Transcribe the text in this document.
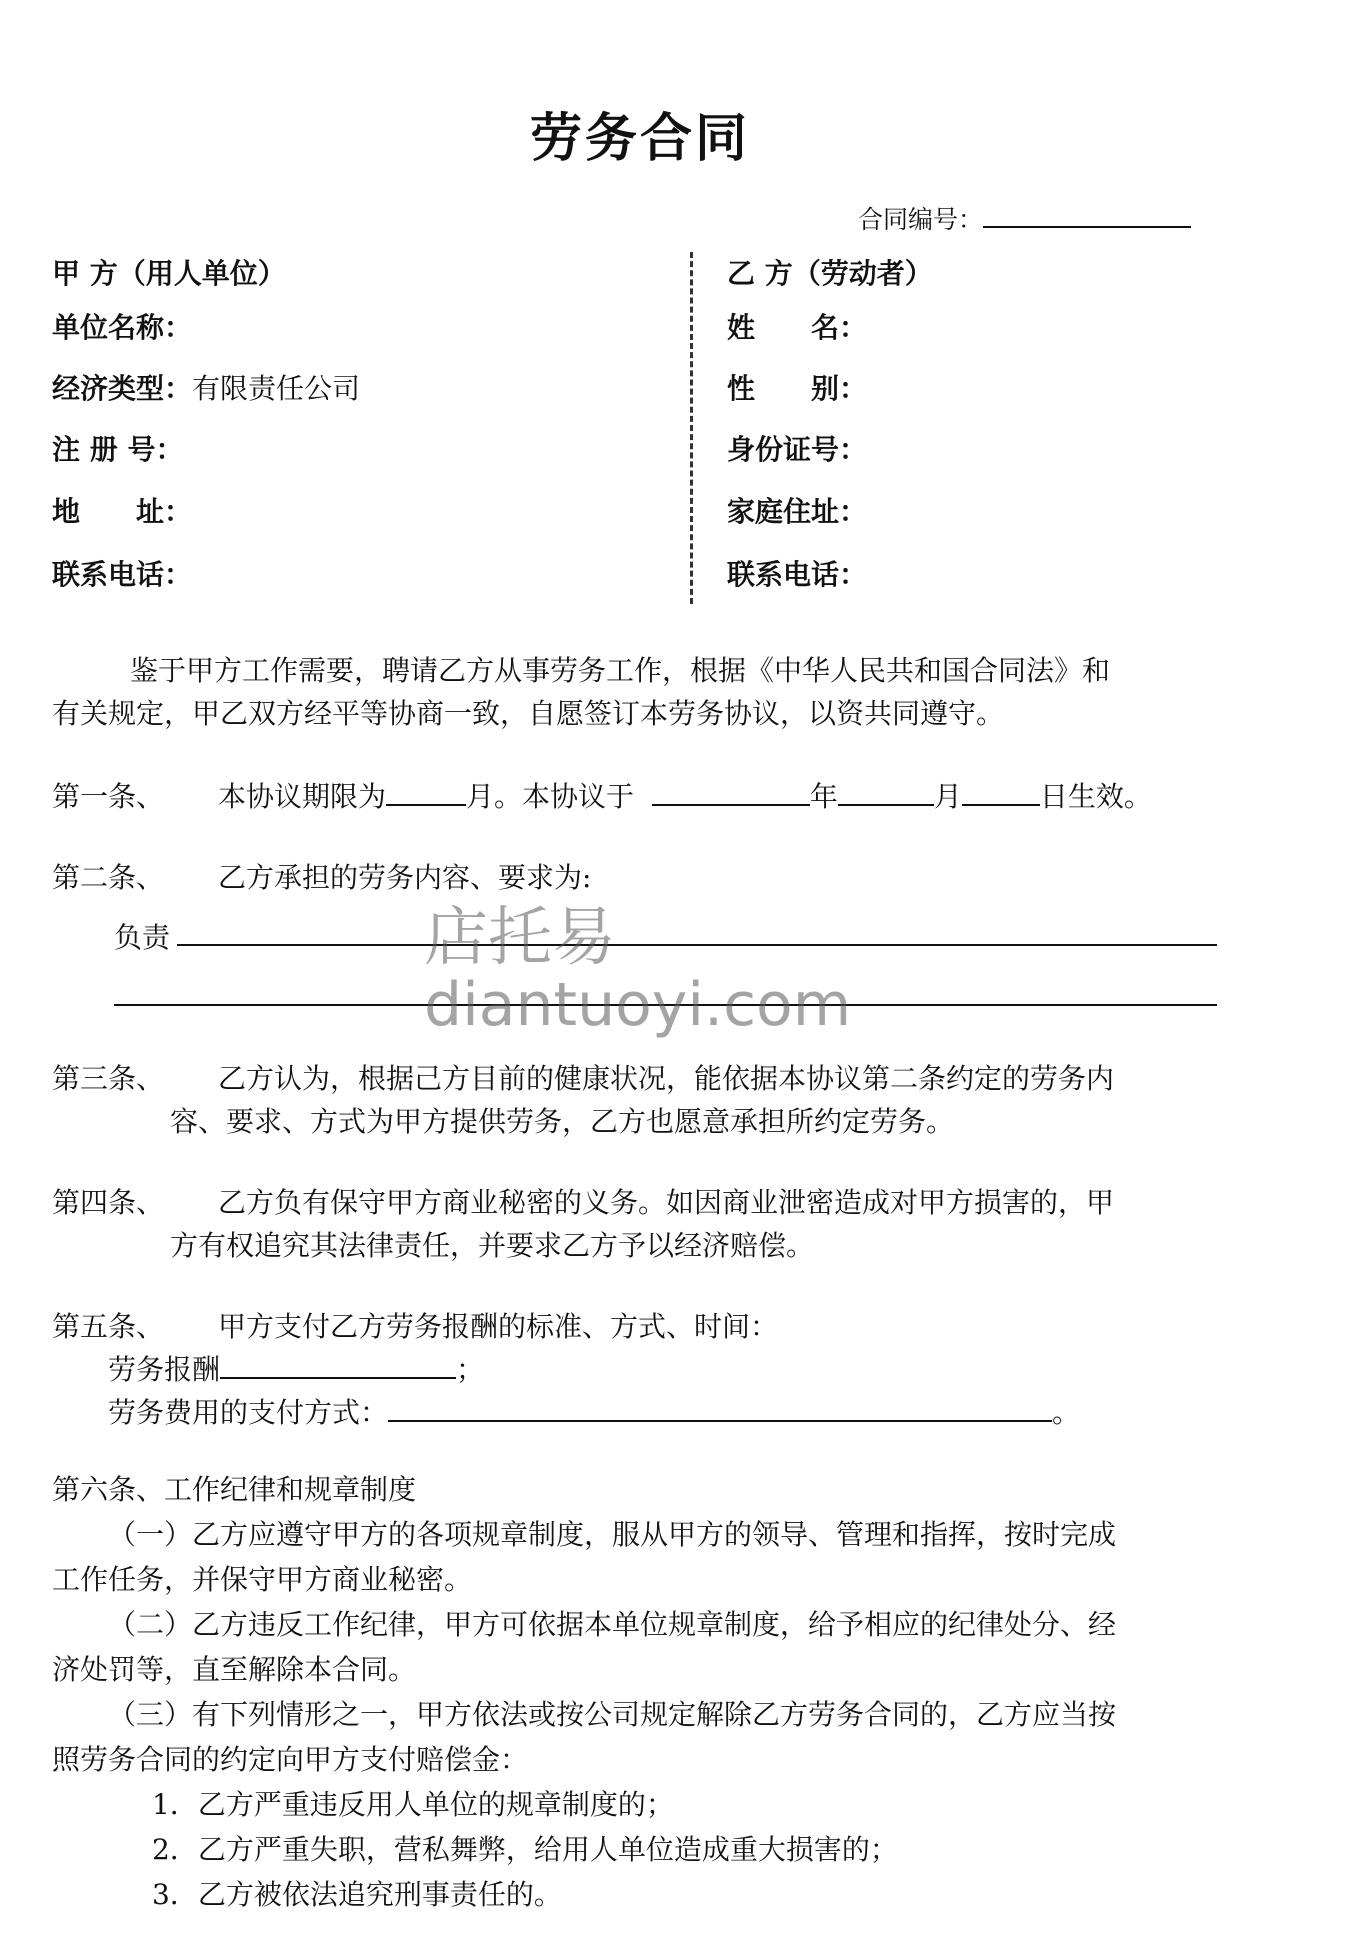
劳务合同
合同编号：
甲 方（用人单位）
单位名称：
经济类型：有限责任公司
注 册 号：
地　　址：
联系电话：
乙 方（劳动者）
姓　　名：
性　　别：
身份证号：
家庭住址：
联系电话：
鉴于甲方工作需要，聘请乙方从事劳务工作，根据《中华人民共和国合同法》和
有关规定，甲乙双方经平等协商一致，自愿签订本劳务协议，以资共同遵守。
第一条、 本协议期限为	月。本协议于	年	月	日生效。
第二条、 乙方承担的劳务内容、要求为:
负责
第三条、 乙方认为，根据己方目前的健康状况，能依据本协议第二条约定的劳务内
容、要求、方式为甲方提供劳务，乙方也愿意承担所约定劳务。
第四条、 乙方负有保守甲方商业秘密的义务。如因商业泄密造成对甲方损害的，甲
方有权追究其法律责任，并要求乙方予以经济赔偿。
第五条、 甲方支付乙方劳务报酬的标准、方式、时间：
劳务报酬	；
劳务费用的支付方式：	。
第六条、工作纪律和规章制度
（一）乙方应遵守甲方的各项规章制度，服从甲方的领导、管理和指挥，按时完成
工作任务，并保守甲方商业秘密。
（二）乙方违反工作纪律，甲方可依据本单位规章制度，给予相应的纪律处分、经
济处罚等，直至解除本合同。
（三）有下列情形之一，甲方依法或按公司规定解除乙方劳务合同的，乙方应当按
照劳务合同的约定向甲方支付赔偿金：
1．乙方严重违反用人单位的规章制度的；
2．乙方严重失职，营私舞弊，给用人单位造成重大损害的；
3．乙方被依法追究刑事责任的。
店托易
diantuoyi.com
